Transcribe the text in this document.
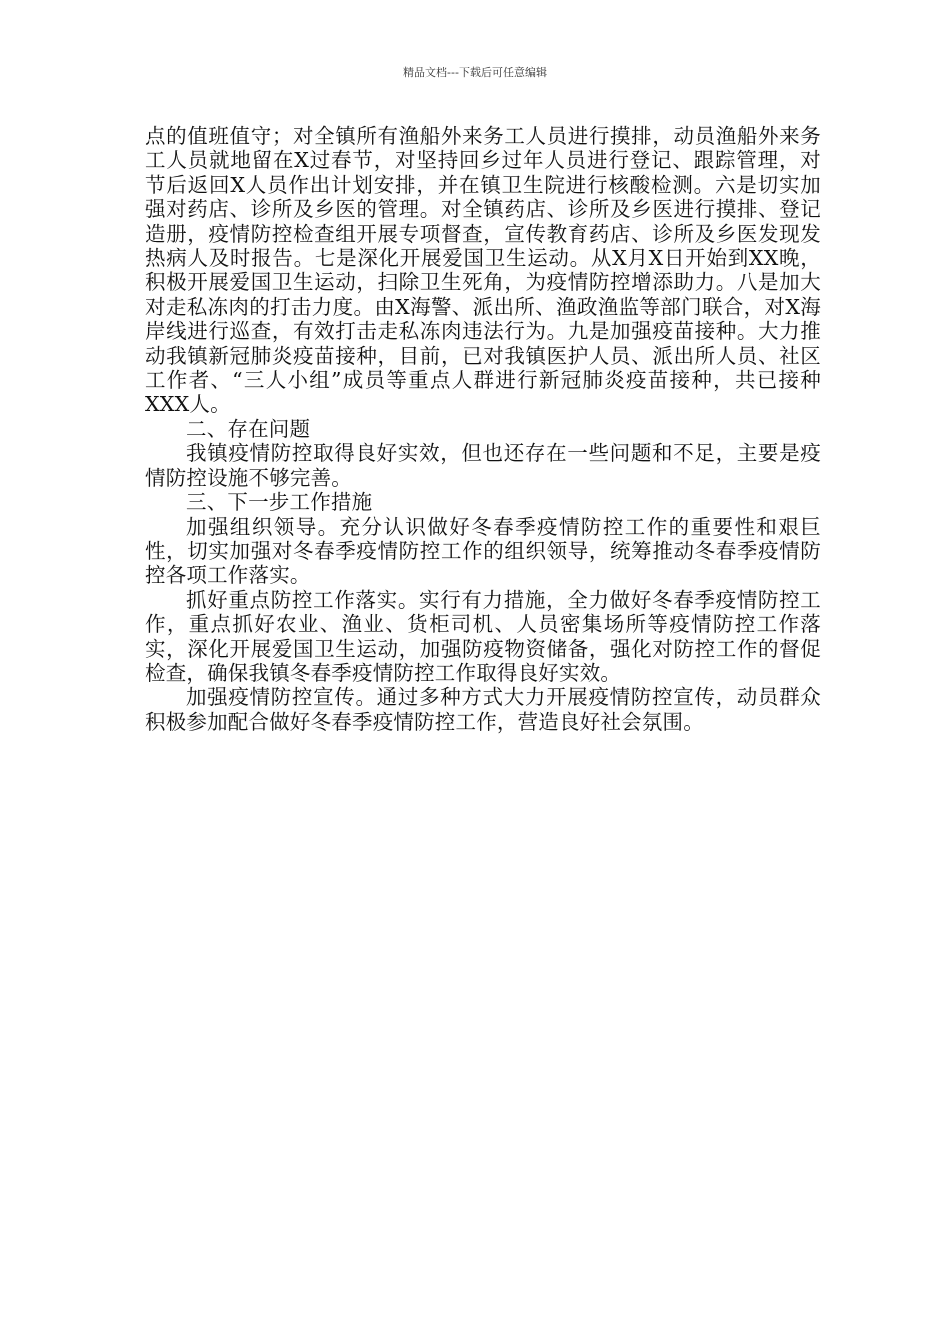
精品文档---下载后可任意编辑

点的值班值守；对全镇所有渔船外来务工人员进行摸排，动员渔船外来务工人员就地留在X过春节，对坚持回乡过年人员进行登记、跟踪管理，对节后返回X人员作出计划安排，并在镇卫生院进行核酸检测。六是切实加强对药店、诊所及乡医的管理。对全镇药店、诊所及乡医进行摸排、登记造册，疫情防控检查组开展专项督查，宣传教育药店、诊所及乡医发现发热病人及时报告。七是深化开展爱国卫生运动。从X月X日开始到XX晚，积极开展爱国卫生运动，扫除卫生死角，为疫情防控增添助力。八是加大对走私冻肉的打击力度。由X海警、派出所、渔政渔监等部门联合，对X海岸线进行巡查，有效打击走私冻肉违法行为。九是加强疫苗接种。大力推动我镇新冠肺炎疫苗接种，目前，已对我镇医护人员、派出所人员、社区工作者、“三人小组”成员等重点人群进行新冠肺炎疫苗接种，共已接种XXX人。

二、存在问题

我镇疫情防控取得良好实效，但也还存在一些问题和不足，主要是疫情防控设施不够完善。

三、下一步工作措施

加强组织领导。充分认识做好冬春季疫情防控工作的重要性和艰巨性，切实加强对冬春季疫情防控工作的组织领导，统筹推动冬春季疫情防控各项工作落实。

抓好重点防控工作落实。实行有力措施，全力做好冬春季疫情防控工作，重点抓好农业、渔业、货柜司机、人员密集场所等疫情防控工作落实，深化开展爱国卫生运动，加强防疫物资储备，强化对防控工作的督促检查，确保我镇冬春季疫情防控工作取得良好实效。

加强疫情防控宣传。通过多种方式大力开展疫情防控宣传，动员群众积极参加配合做好冬春季疫情防控工作，营造良好社会氛围。
